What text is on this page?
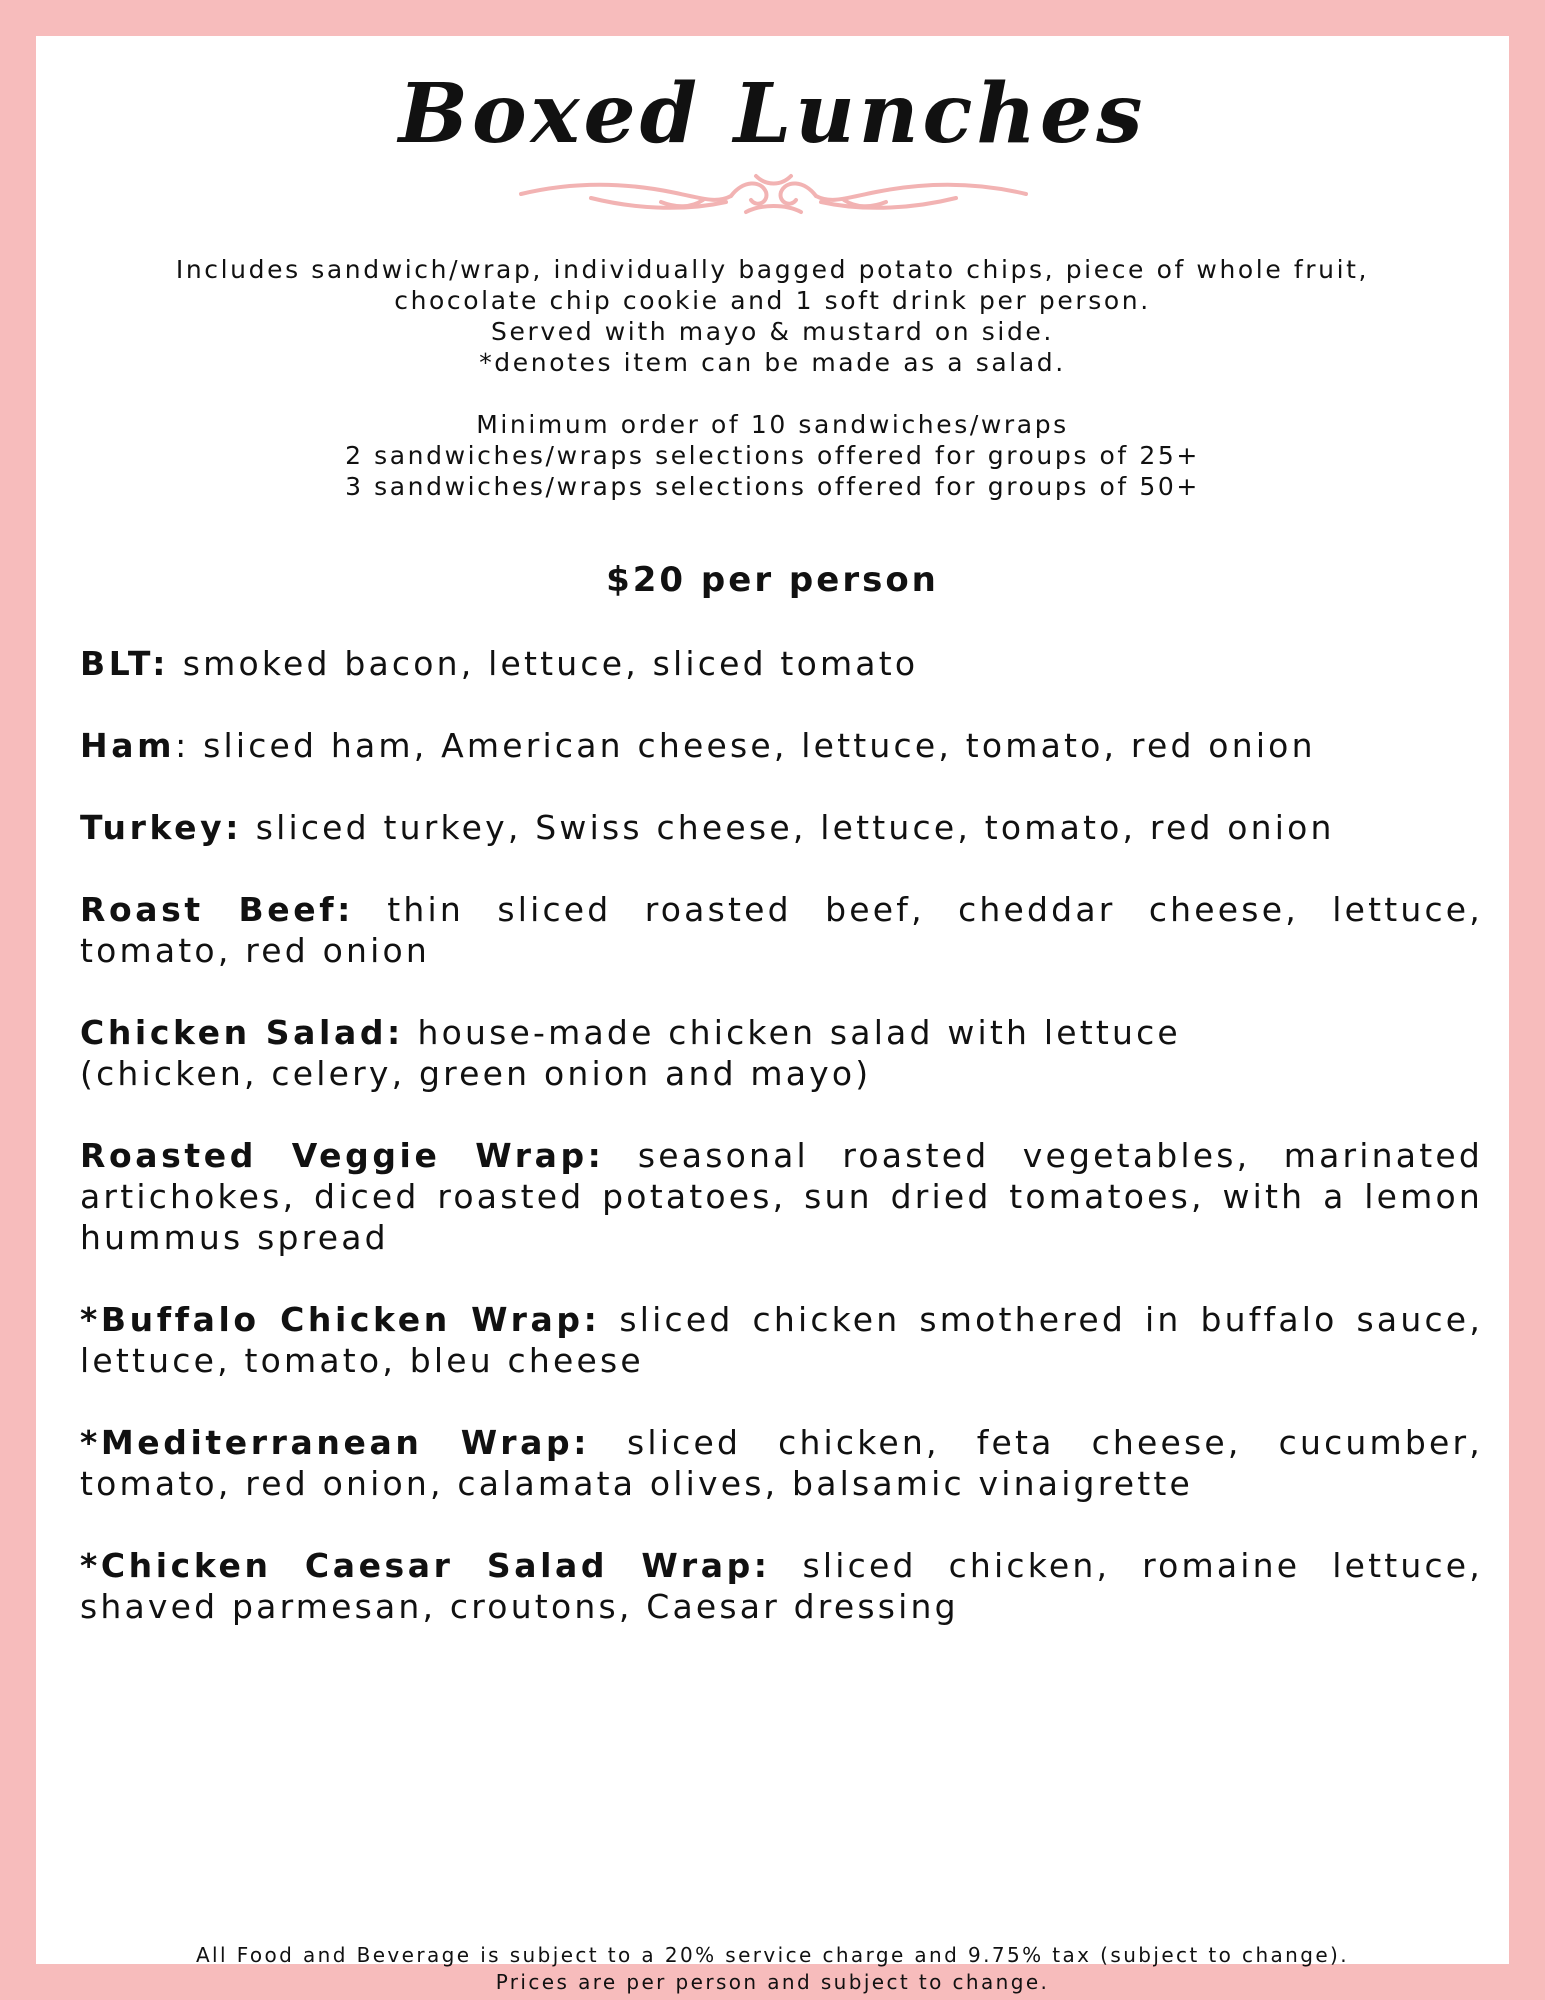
Boxed Lunches
Includes sandwich/wrap, individually bagged potato chips, piece of whole fruit,
chocolate chip cookie and 1 soft drink per person.
Served with mayo & mustard on side.
*denotes item can be made as a salad.
Minimum order of 10 sandwiches/wraps
2 sandwiches/wraps selections offered for groups of 25+
3 sandwiches/wraps selections offered for groups of 50+
$20 per person
BLT: smoked bacon, lettuce, sliced tomato
Ham: sliced ham, American cheese, lettuce, tomato, red onion
Turkey: sliced turkey, Swiss cheese, lettuce, tomato, red onion
Roast Beef: thin sliced roasted beef, cheddar cheese, lettuce, tomato, red onion
Chicken Salad: house-made chicken salad with lettuce
(chicken, celery, green onion and mayo)
Roasted Veggie Wrap: seasonal roasted vegetables, marinated artichokes, diced roasted potatoes, sun dried tomatoes, with a lemon hummus spread
*Buffalo Chicken Wrap: sliced chicken smothered in buffalo sauce, lettuce, tomato, bleu cheese
*Mediterranean Wrap: sliced chicken, feta cheese, cucumber, tomato, red onion, calamata olives, balsamic vinaigrette
*Chicken Caesar Salad Wrap: sliced chicken, romaine lettuce, shaved parmesan, croutons, Caesar dressing
All Food and Beverage is subject to a 20% service charge and 9.75% tax (subject to change).
Prices are per person and subject to change.
